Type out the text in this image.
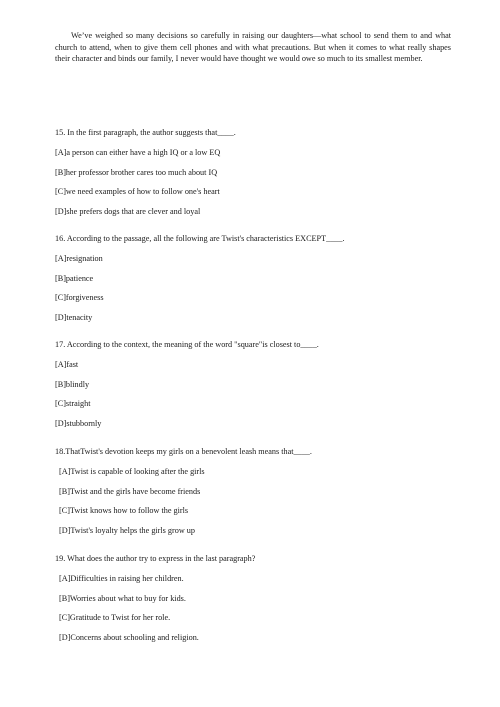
We’ve weighed so many decisions so carefully in raising our daughters—what school to send them to and what church to attend, when to give them cell phones and with what precautions. But when it comes to what really shapes their character and binds our family, I never would have thought we would owe so much to its smallest member.

15. In the first paragraph, the author suggests that____.

[A]a person can either have a high IQ or a low EQ

[B]her professor brother cares too much about IQ

[C]we need examples of how to follow one's heart

[D]she prefers dogs that are clever and loyal

16. According to the passage, all the following are Twist's characteristics EXCEPT____.

[A]resignation

[B]patience

[C]forgiveness

[D]tenacity

17. According to the context, the meaning of the word "square"is closest to____.

[A]fast

[B]blindly

[C]straight

[D]stubbornly

18.ThatTwist's devotion keeps my girls on a benevolent leash means that____.

[A]Twist is capable of looking after the girls

[B]Twist and the girls have become friends

[C]Twist knows how to follow the girls

[D]Twist's loyalty helps the girls grow up

19. What does the author try to express in the last paragraph?

[A]Difficulties in raising her children.

[B]Worries about what to buy for kids.

[C]Gratitude to Twist for her role.

[D]Concerns about schooling and religion.
